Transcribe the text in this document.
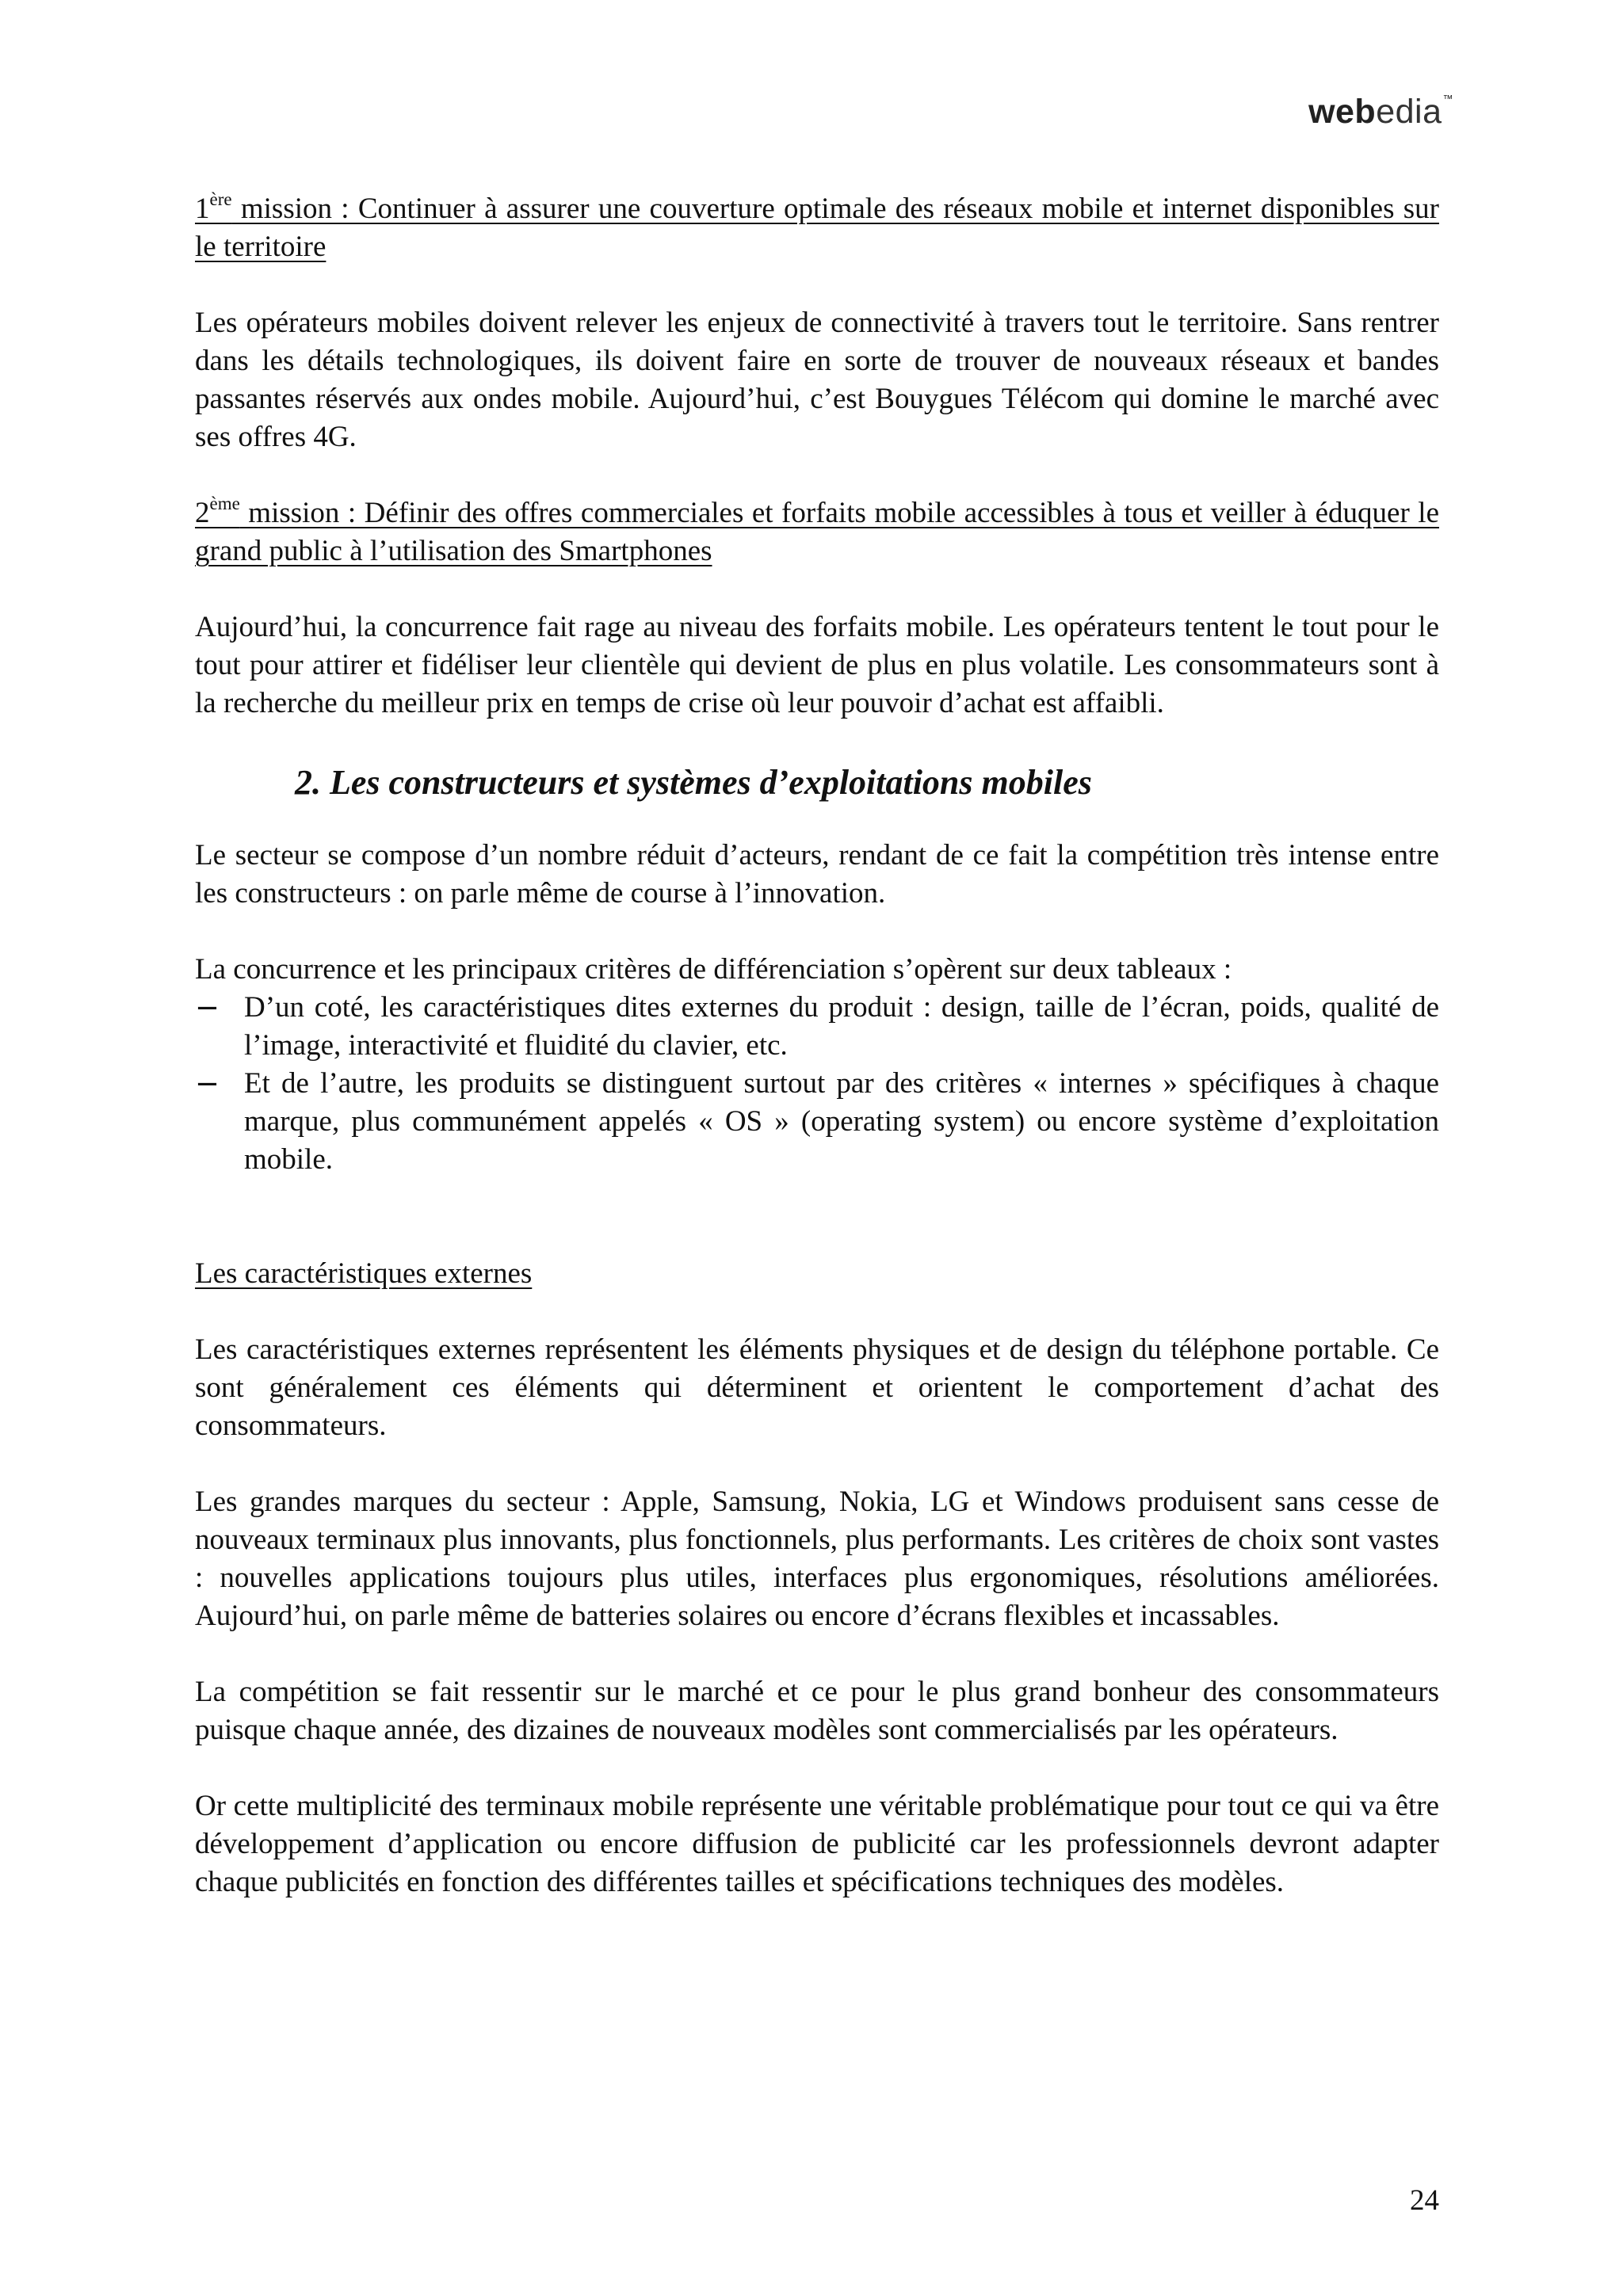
webedia™

1ère mission : Continuer à assurer une couverture optimale des réseaux mobile et internet disponibles sur le territoire

Les opérateurs mobiles doivent relever les enjeux de connectivité à travers tout le territoire. Sans rentrer dans les détails technologiques, ils doivent faire en sorte de trouver de nouveaux réseaux et bandes passantes réservés aux ondes mobile. Aujourd’hui, c’est Bouygues Télécom qui domine le marché avec ses offres 4G.

2ème mission : Définir des offres commerciales et forfaits mobile accessibles à tous et veiller à éduquer le grand public à l’utilisation des Smartphones

Aujourd’hui, la concurrence fait rage au niveau des forfaits mobile. Les opérateurs tentent le tout pour le tout pour attirer et fidéliser leur clientèle qui devient de plus en plus volatile. Les consommateurs sont à la recherche du meilleur prix en temps de crise où leur pouvoir d’achat est affaibli.

2. Les constructeurs et systèmes d’exploitations mobiles

Le secteur se compose d’un nombre réduit d’acteurs, rendant de ce fait la compétition très intense entre les constructeurs : on parle même de course à l’innovation.

La concurrence et les principaux critères de différenciation s’opèrent sur deux tableaux :

− D’un coté, les caractéristiques dites externes du produit : design, taille de l’écran, poids, qualité de l’image, interactivité et fluidité du clavier, etc.
− Et de l’autre, les produits se distinguent surtout par des critères « internes » spécifiques à chaque marque, plus communément appelés « OS » (operating system) ou encore système d’exploitation mobile.

Les caractéristiques externes

Les caractéristiques externes représentent les éléments physiques et de design du téléphone portable. Ce sont généralement ces éléments qui déterminent et orientent le comportement d’achat des consommateurs.

Les grandes marques du secteur : Apple, Samsung, Nokia, LG et Windows produisent sans cesse de nouveaux terminaux plus innovants, plus fonctionnels, plus performants. Les critères de choix sont vastes : nouvelles applications toujours plus utiles, interfaces plus ergonomiques, résolutions améliorées. Aujourd’hui, on parle même de batteries solaires ou encore d’écrans flexibles et incassables.

La compétition se fait ressentir sur le marché et ce pour le plus grand bonheur des consommateurs puisque chaque année, des dizaines de nouveaux modèles sont commercialisés par les opérateurs.

Or cette multiplicité des terminaux mobile représente une véritable problématique pour tout ce qui va être développement d’application ou encore diffusion de publicité car les professionnels devront adapter chaque publicités en fonction des différentes tailles et spécifications techniques des modèles.

24
